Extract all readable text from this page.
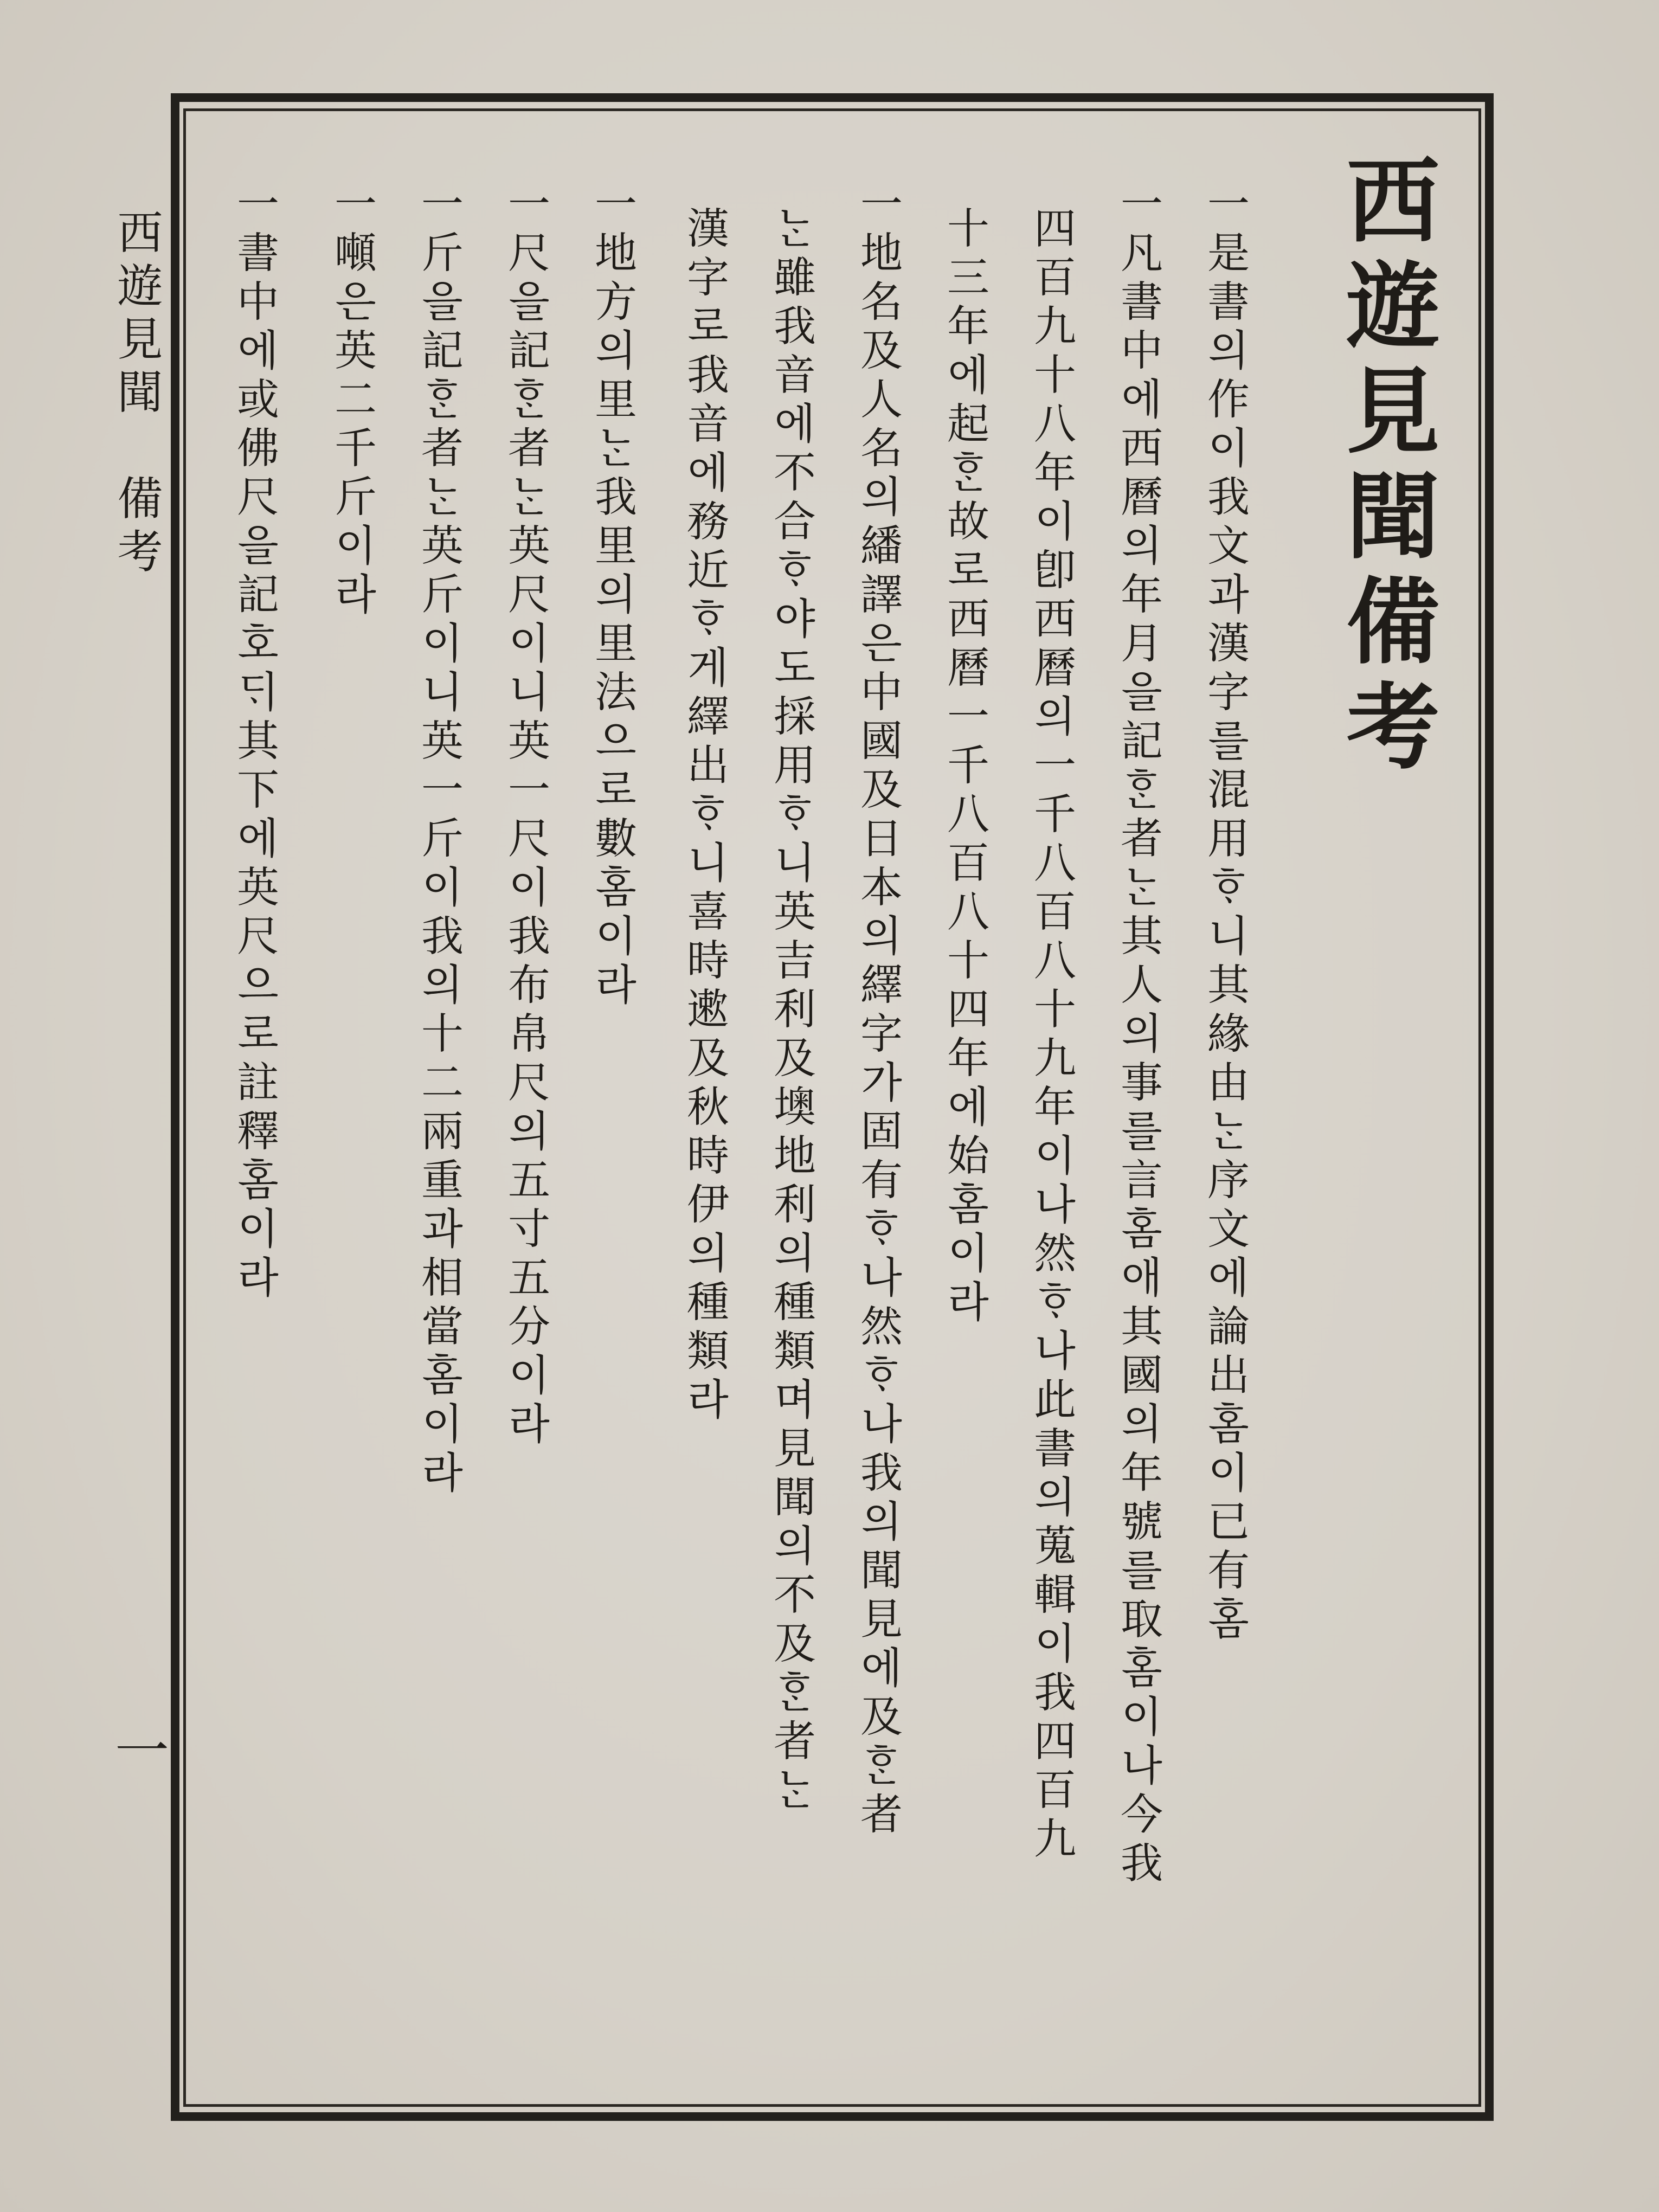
西遊見聞備考
一是書의作이我文과漢字를混用ᄒᆞ니其緣由ᄂᆞᆫ序文에論出홈이已有홈
一凡書中에西曆의年月을記ᄒᆞᆫ者ᄂᆞᆫ其人의事를言홈애其國의年號를取홈이나今我
四百九十八年이卽西曆의一千八百八十九年이나然ᄒᆞ나此書의蒐輯이我四百九
十三年에起ᄒᆞᆫ故로西曆一千八百八十四年에始홈이라
一地名及人名의繙譯은中國及日本의繹字가固有ᄒᆞ나然ᄒᆞ나我의聞見에及ᄒᆞᆫ者
ᄂᆞᆫ雖我音에不合ᄒᆞ야도採用ᄒᆞ니英吉利及墺地利의種類며見聞의不及ᄒᆞᆫ者ᄂᆞᆫ
漢字로我音에務近ᄒᆞ게繹出ᄒᆞ니喜時遬及秋時伊의種類라
一地方의里ᄂᆞᆫ我里의里法으로數홈이라
一尺을記ᄒᆞᆫ者ᄂᆞᆫ英尺이니英一尺이我布帛尺의五寸五分이라
一斤을記ᄒᆞᆫ者ᄂᆞᆫ英斤이니英一斤이我의十二兩重과相當홈이라
一噸은英二千斤이라
一書中에或佛尺을記호ᄃᆡ其下에英尺으로註釋홈이라
西遊見聞　備考
一
